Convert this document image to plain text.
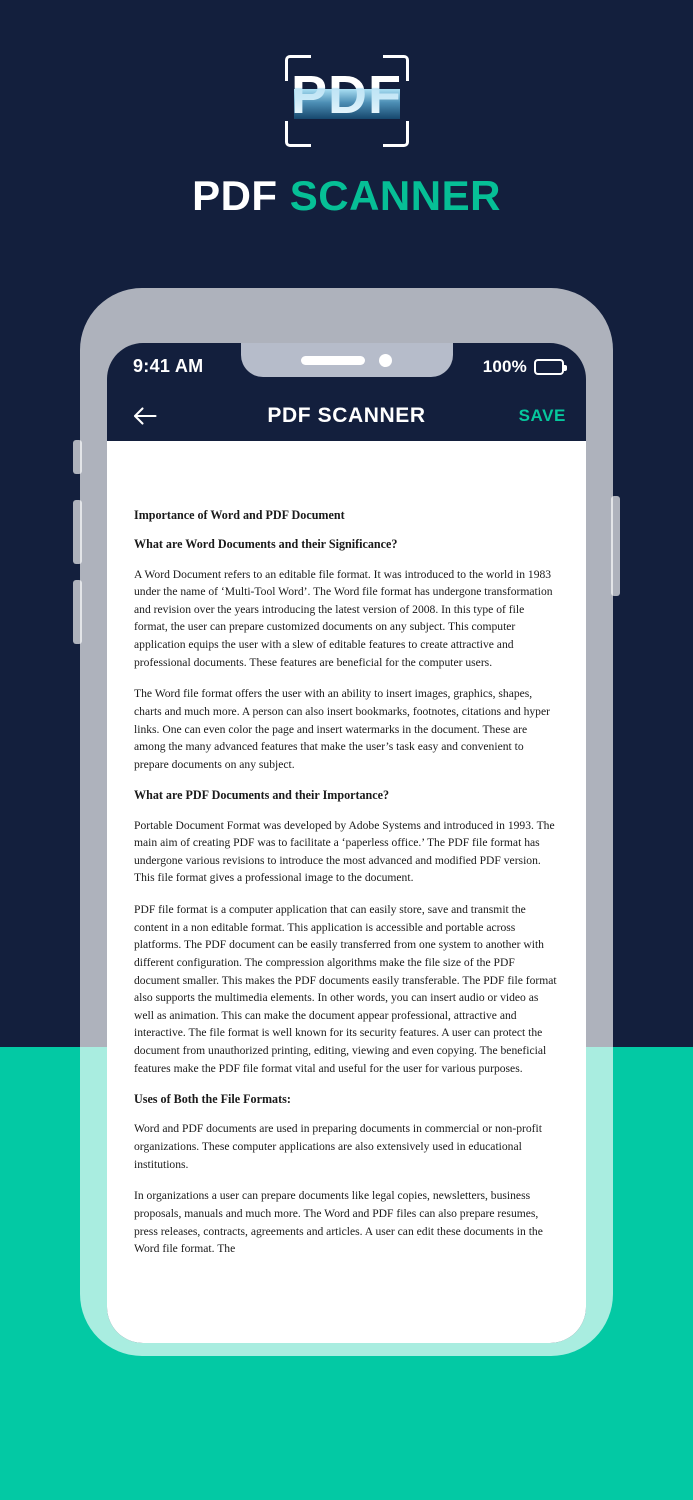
PDF
PDF SCANNER
9:41 AM	100%
PDF SCANNER	SAVE
Importance of Word and PDF Document
What are Word Documents and their Significance?
A Word Document refers to an editable file format. It was introduced to the world in 1983 under the name of ‘Multi-Tool Word’. The Word file format has undergone transformation and revision over the years introducing the latest version of 2008. In this type of file format, the user can prepare customized documents on any subject. This computer application equips the user with a slew of editable features to create attractive and professional documents. These features are beneficial for the computer users.
The Word file format offers the user with an ability to insert images, graphics, shapes, charts and much more. A person can also insert bookmarks, footnotes, citations and hyper links. One can even color the page and insert watermarks in the document. These are among the many advanced features that make the user’s task easy and convenient to prepare documents on any subject.
What are PDF Documents and their Importance?
Portable Document Format was developed by Adobe Systems and introduced in 1993. The main aim of creating PDF was to facilitate a ‘paperless office.’ The PDF file format has undergone various revisions to introduce the most advanced and modified PDF version. This file format gives a professional image to the document.
PDF file format is a computer application that can easily store, save and transmit the content in a non editable format. This application is accessible and portable across platforms. The PDF document can be easily transferred from one system to another with different configuration. The compression algorithms make the file size of the PDF document smaller. This makes the PDF documents easily transferable. The PDF file format also supports the multimedia elements. In other words, you can insert audio or video as well as animation. This can make the document appear professional, attractive and interactive. The file format is well known for its security features. A user can protect the document from unauthorized printing, editing, viewing and even copying. The beneficial features make the PDF file format vital and useful for the user for various purposes.
Uses of Both the File Formats:
Word and PDF documents are used in preparing documents in commercial or non-profit organizations. These computer applications are also extensively used in educational institutions.
In organizations a user can prepare documents like legal copies, newsletters, business proposals, manuals and much more. The Word and PDF files can also prepare resumes, press releases, contracts, agreements and articles. A user can edit these documents in the Word file format. The
